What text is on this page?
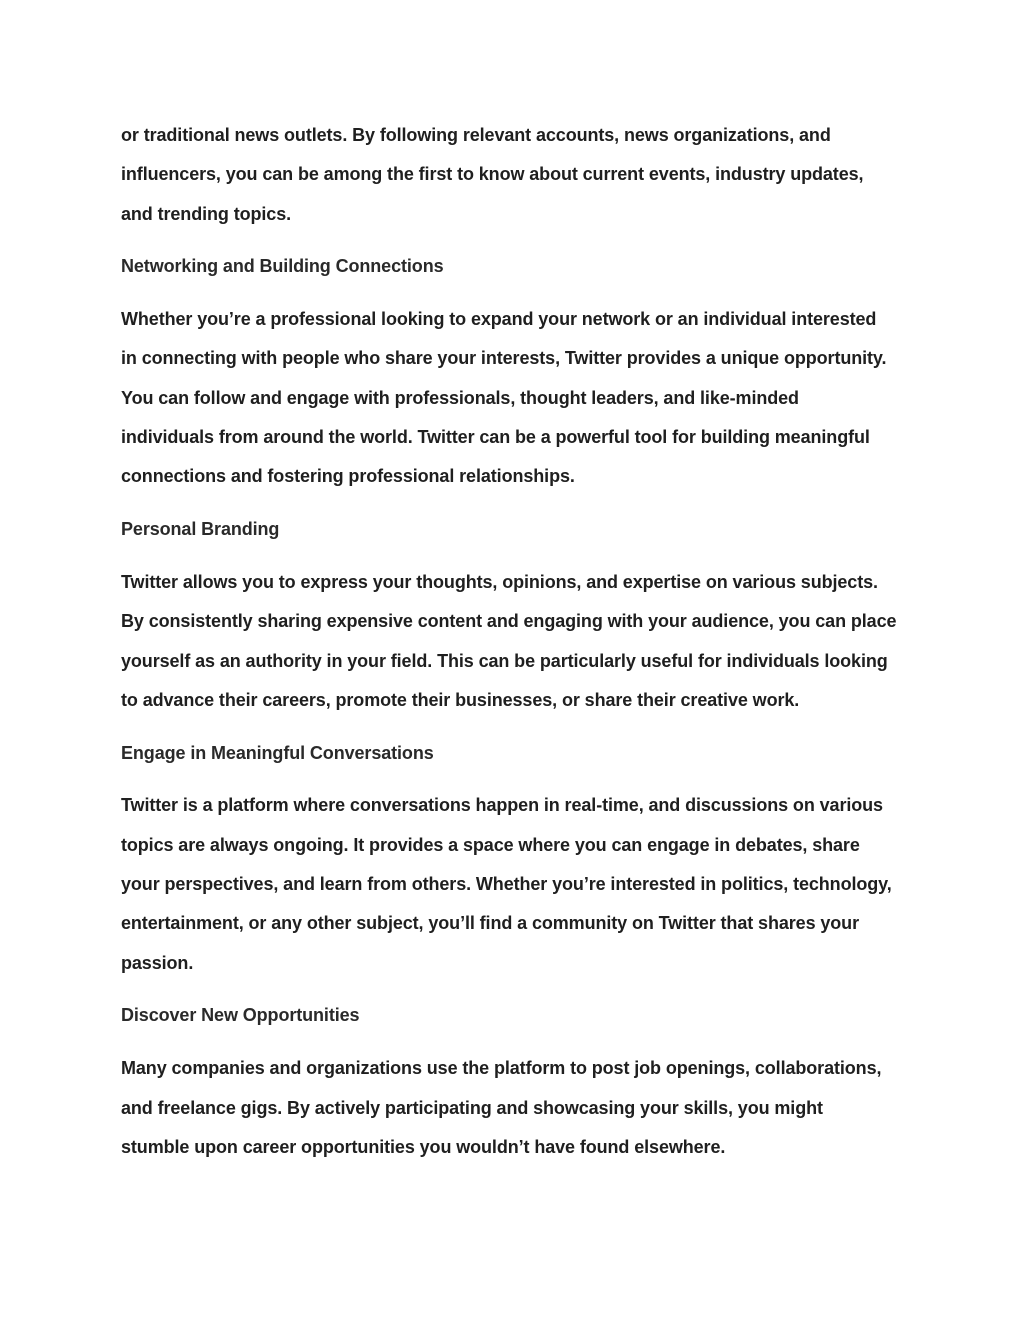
or traditional news outlets. By following relevant accounts, news organizations, and
influencers, you can be among the first to know about current events, industry updates,
and trending topics.

Networking and Building Connections

Whether you’re a professional looking to expand your network or an individual interested
in connecting with people who share your interests, Twitter provides a unique opportunity.
You can follow and engage with professionals, thought leaders, and like-minded
individuals from around the world. Twitter can be a powerful tool for building meaningful
connections and fostering professional relationships.

Personal Branding

Twitter allows you to express your thoughts, opinions, and expertise on various subjects.
By consistently sharing expensive content and engaging with your audience, you can place
yourself as an authority in your field. This can be particularly useful for individuals looking
to advance their careers, promote their businesses, or share their creative work.

Engage in Meaningful Conversations

Twitter is a platform where conversations happen in real-time, and discussions on various
topics are always ongoing. It provides a space where you can engage in debates, share
your perspectives, and learn from others. Whether you’re interested in politics, technology,
entertainment, or any other subject, you’ll find a community on Twitter that shares your
passion.

Discover New Opportunities

Many companies and organizations use the platform to post job openings, collaborations,
and freelance gigs. By actively participating and showcasing your skills, you might
stumble upon career opportunities you wouldn’t have found elsewhere.
